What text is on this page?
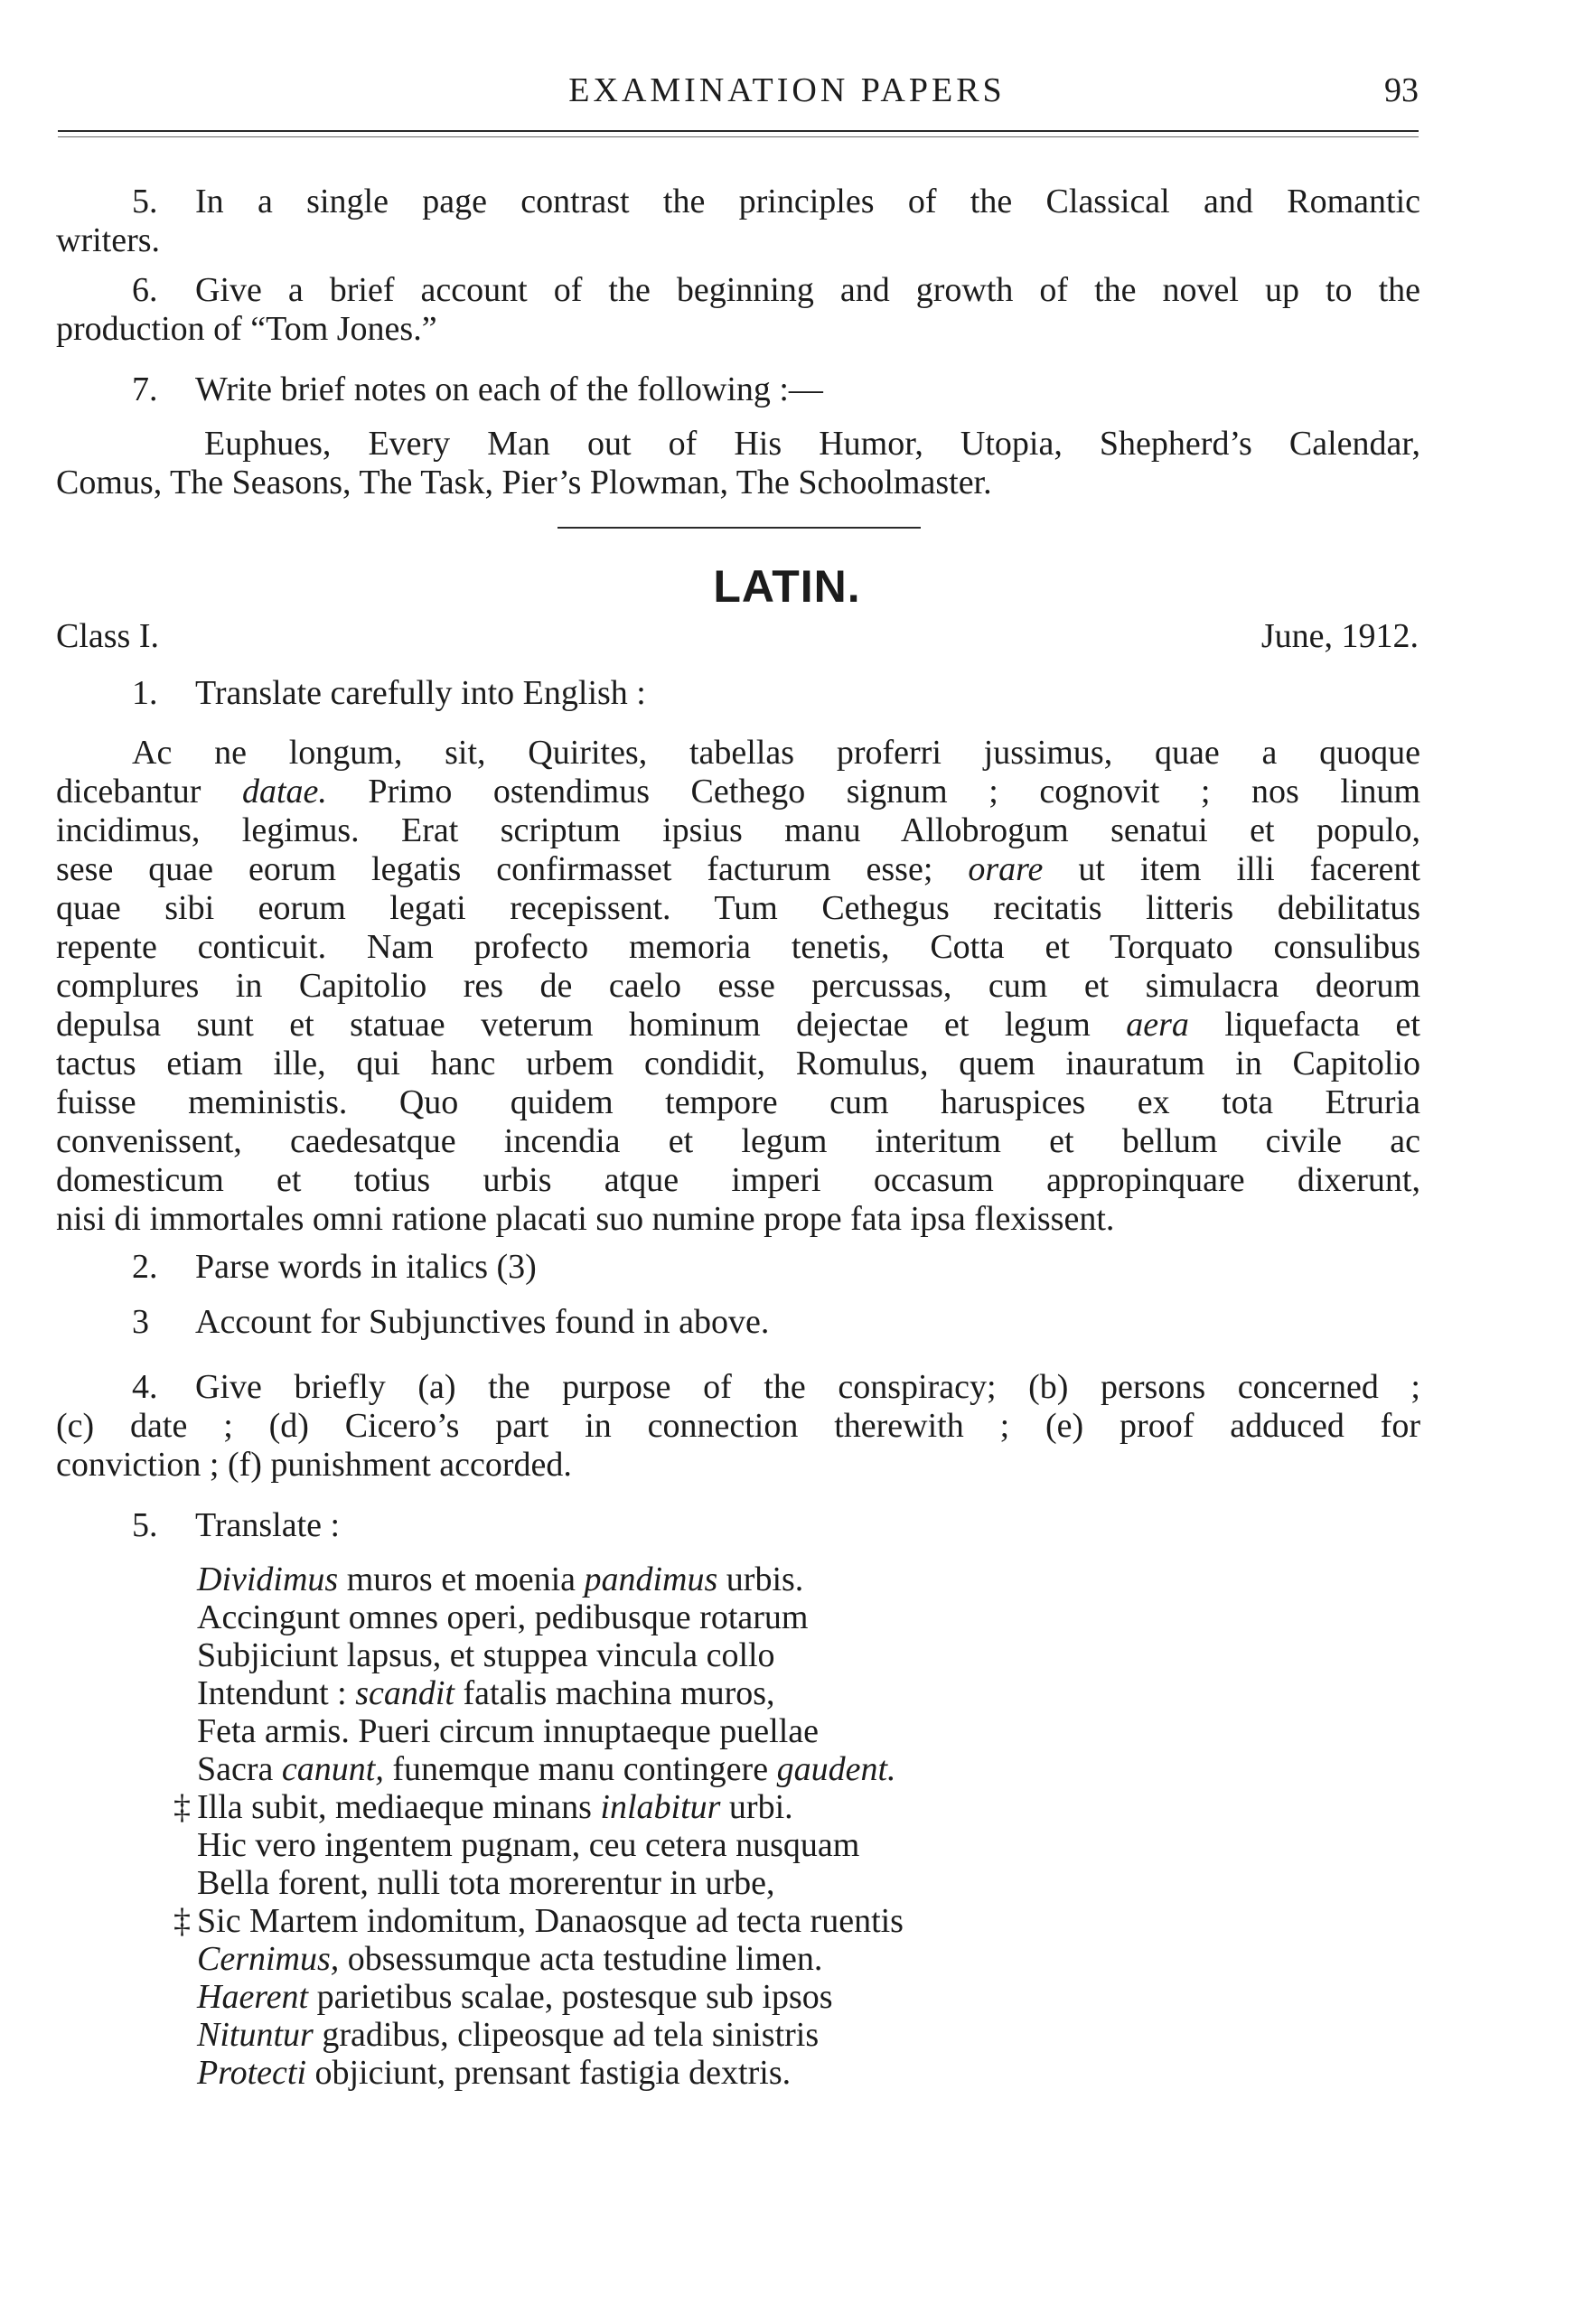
EXAMINATION PAPERS	93
5. In a single page contrast the principles of the Classical and Romantic
writers.
6. Give a brief account of the beginning and growth of the novel up to the
production of “Tom Jones.”
7. Write brief notes on each of the following :—
Euphues, Every Man out of His Humor, Utopia, Shepherd’s Calendar,
Comus, The Seasons, The Task, Pier’s Plowman, The Schoolmaster.
LATIN.
Class I.	June, 1912.
1. Translate carefully into English :
Ac ne longum, sit, Quirites, tabellas proferri jussimus, quae a quoque
dicebantur datae. Primo ostendimus Cethego signum ; cognovit ; nos linum
incidimus, legimus. Erat scriptum ipsius manu Allobrogum senatui et populo,
sese quae eorum legatis confirmasset facturum esse; orare ut item illi facerent
quae sibi eorum legati recepissent. Tum Cethegus recitatis litteris debilitatus
repente conticuit. Nam profecto memoria tenetis, Cotta et Torquato consulibus
complures in Capitolio res de caelo esse percussas, cum et simulacra deorum
depulsa sunt et statuae veterum hominum dejectae et legum aera liquefacta et
tactus etiam ille, qui hanc urbem condidit, Romulus, quem inauratum in Capitolio
fuisse meministis. Quo quidem tempore cum haruspices ex tota Etruria
convenissent, caedesatque incendia et legum interitum et bellum civile ac
domesticum et totius urbis atque imperi occasum appropinquare dixerunt,
nisi di immortales omni ratione placati suo numine prope fata ipsa flexissent.
2. Parse words in italics (3)
3 Account for Subjunctives found in above.
4. Give briefly (a) the purpose of the conspiracy; (b) persons concerned ;
(c) date ; (d) Cicero’s part in connection therewith ; (e) proof adduced for
conviction ; (f) punishment accorded.
5. Translate :
Dividimus muros et moenia pandimus urbis.
Accingunt omnes operi, pedibusque rotarum
Subjiciunt lapsus, et stuppea vincula collo
Intendunt : scandit fatalis machina muros,
Feta armis. Pueri circum innuptaeque puellae
Sacra canunt, funemque manu contingere gaudent.
‡ Illa subit, mediaeque minans inlabitur urbi.
Hic vero ingentem pugnam, ceu cetera nusquam
Bella forent, nulli tota morerentur in urbe,
‡ Sic Martem indomitum, Danaosque ad tecta ruentis
Cernimus, obsessumque acta testudine limen.
Haerent parietibus scalae, postesque sub ipsos
Nituntur gradibus, clipeosque ad tela sinistris
Protecti objiciunt, prensant fastigia dextris.
